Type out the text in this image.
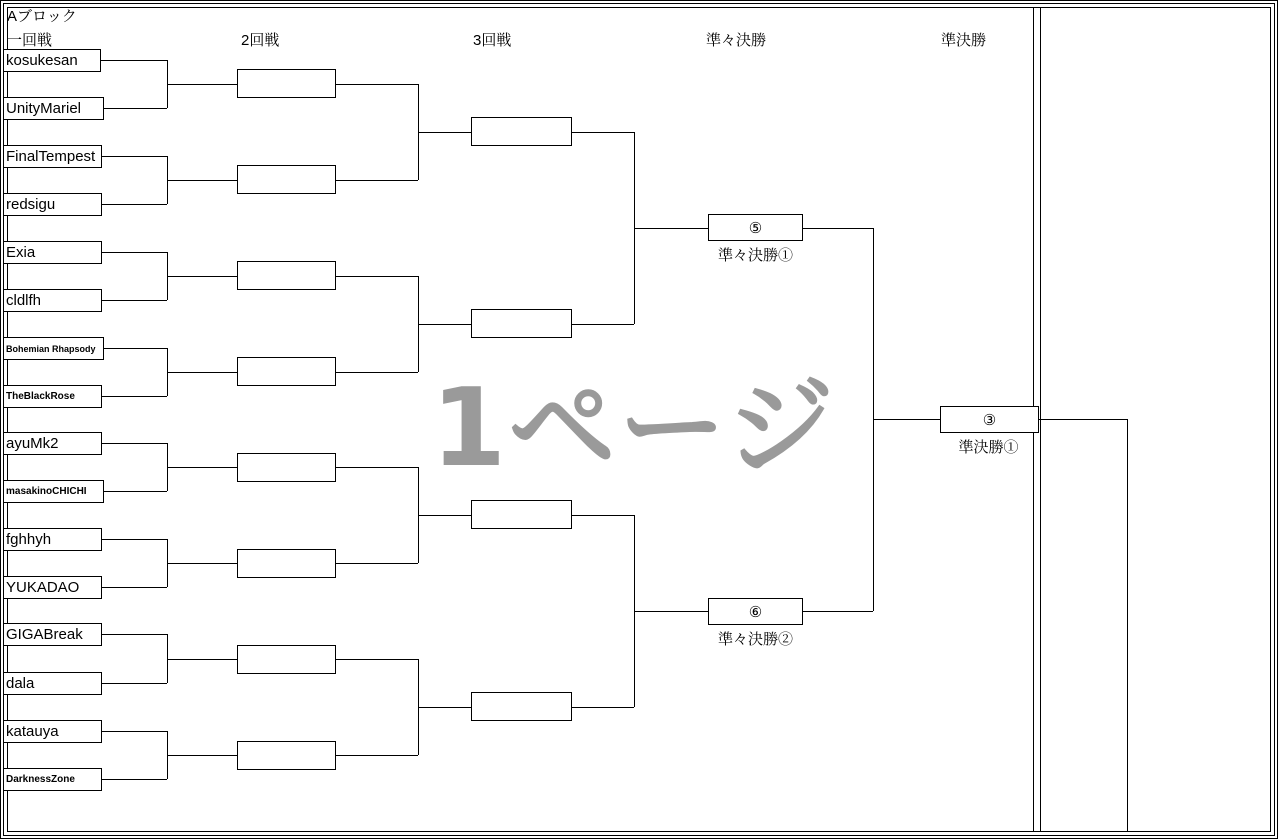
1ページ
Aブロック
一回戦	2回戦	3回戦	準々決勝	準決勝
kosukesan
UnityMariel
FinalTempest
redsigu
Exia
cldlfh
Bohemian Rhapsody
TheBlackRose
ayuMk2
masakinoCHICHI
fghhyh
YUKADAO
GIGABreak
dala
katauya
DarknessZone
⑤
準々決勝①
⑥
準々決勝②
③
準決勝①
